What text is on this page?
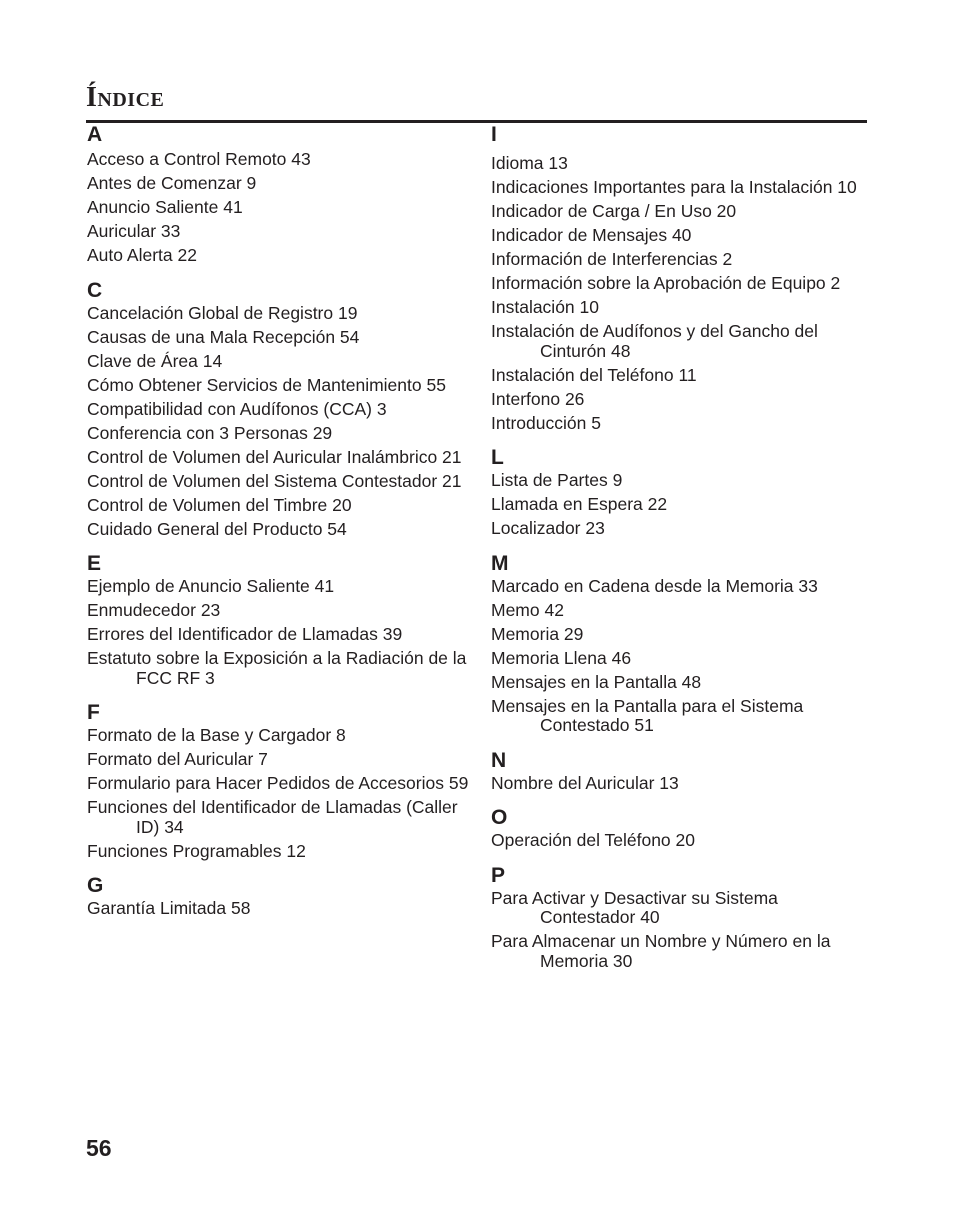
ÍNDICE
A
Acceso a Control Remoto 43
Antes de Comenzar 9
Anuncio Saliente 41
Auricular 33
Auto Alerta 22
C
Cancelación Global de Registro 19
Causas de una Mala Recepción 54
Clave de Área 14
Cómo Obtener Servicios de Mantenimiento 55
Compatibilidad con Audífonos (CCA) 3
Conferencia con 3 Personas 29
Control de Volumen del Auricular Inalámbrico 21
Control de Volumen del Sistema Contestador 21
Control de Volumen del Timbre 20
Cuidado General del Producto 54
E
Ejemplo de Anuncio Saliente 41
Enmudecedor 23
Errores del Identificador de Llamadas 39
Estatuto sobre la Exposición a la Radiación de la FCC RF 3
F
Formato de la Base y Cargador 8
Formato del Auricular 7
Formulario para Hacer Pedidos de Accesorios 59
Funciones del Identificador de Llamadas (Caller ID) 34
Funciones Programables 12
G
Garantía Limitada 58
I
Idioma 13
Indicaciones Importantes para la Instalación 10
Indicador de Carga / En Uso 20
Indicador de Mensajes 40
Información de Interferencias 2
Información sobre la Aprobación de Equipo 2
Instalación 10
Instalación de Audífonos y del Gancho del Cinturón 48
Instalación del Teléfono 11
Interfono 26
Introducción 5
L
Lista de Partes 9
Llamada en Espera 22
Localizador 23
M
Marcado en Cadena desde la Memoria 33
Memo 42
Memoria 29
Memoria Llena 46
Mensajes en la Pantalla 48
Mensajes en la Pantalla para el Sistema Contestado 51
N
Nombre del Auricular 13
O
Operación del Teléfono 20
P
Para Activar y Desactivar su Sistema Contestador 40
Para Almacenar un Nombre y Número en la Memoria 30
56
